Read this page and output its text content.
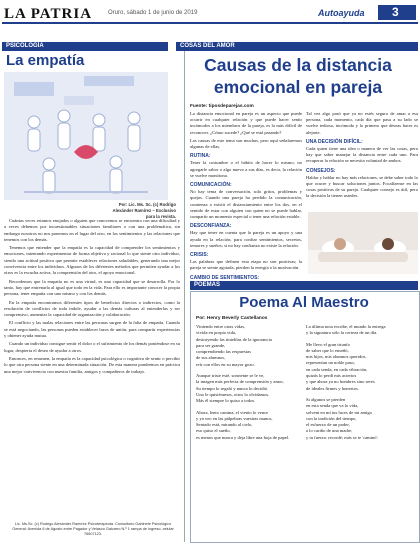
LA PATRIA	Oruro, sábado 1 de junio de 2019	Autoayuda 3
PSICOLOGÍA
La empatía
Por: Lic. Ms. Sc. (c) Rodrigo Alexánder Ramírez – Exclusivo para la revista.

Cuántas veces estamos enojados o alguien que conocemos se encuentra con una dificultad y a veces debemos por incuestionables situaciones familiares o con una problemática, sin embargo nosotros no nos ponemos en el lugar del otro, en los sentimientos y las relaciones que tenemos con los demás.

Tenemos que entender que la empatía es la capacidad de comprender los sentimientos y emociones, intentando experimentar de forma objetiva y racional lo que siente otro individuo, siendo una actitud positiva que permite establecer relaciones saludables, generando una mejor convivencia entre los individuos. Algunos de los diferentes métodos que permiten ayudar a los otros es la escucha activa, la comprensión del otro, el apoyo emocional.

Recordemos que la empatía no es una virtud, es una capacidad que se desarrolla. Por lo tanto, hay que entrenarla al igual que todo en la vida. Para ello es importante conocer la propia persona, tener empatía con uno mismo y con los demás.

En la empatía encontramos diferentes tipos de beneficios directos o indirectos, como la resolución de conflictos de toda índole, ayudar a las demás culturas al entenderlas y ser comprensivo, aumentar la capacidad de organización y colaboración.

El conflicto y las malas relaciones entre las personas surgen de la falta de empatía. Cuando se está negociando, las personas pueden establecer lazos de unión, para compartir experiencias y obtener ayuda mutua.

Cuando un individuo consigue sentir el dolor o el sufrimiento de los demás poniéndose en su lugar, despierta el deseo de ayudar a otros.

Entonces, en resumen, la empatía es la capacidad psicológica o cognitiva de sentir o percibir lo que otra persona siente en una determinada situación. De esta manera pondremos en práctica una mejor convivencia con nuestra familia, amigos y compañeros de trabajo.

Lic. Ms.Sc. (c) Rodrigo Alexánder Ramírez Psicoterapeuta. Consultorio Gabinete Psicológico General: Avenida 6 de Agosto entre Pagador y Velasco Galvarro N.º 1 rampa de ingreso, celular 76607123.
COSAS DEL AMOR
Causas de la distancia emocional en pareja
Fuente: tiposdeparejas.com

La distancia emocional en pareja es un aspecto que puede ocurrir en cualquier relación y que puede hacer sentir incómodos a los miembros de la pareja, es la más difícil de reconocer. ¿Cómo sucede? ¿Qué se está pasando?

Las causas de este tema son muchas, pero aquí señalaremos algunas de ellas.

RUTINA:

Tener la costumbre o el hábito de hacer lo mismo, no agregarle sabor o algo nuevo a sus días, es decir, la relación se vuelve monótona.

COMUNICACIÓN:

No hay tema de conversación, solo gritos, problemas y quejas. Cuando una pareja ha perdido la comunicación, comienza a existir el distanciamiento entre los dos, en el sentido de estar con alguien con quien no se puede hablar, compartir un momento especial o tener una relación estable.

DESCONFIANZA:

Hay que tener en cuenta que la pareja es un apoyo y una ayuda en la relación, para confiar sentimientos, secretos, temores y sueños; si no hay confianza no existe la relación.

CRISIS:

Las palabras que definen esta etapa no son positivas; la pareja se siente agotada, pierden la energía o la motivación.

CAMBIO DE SENTIMIENTOS:

Tal vez algo pasó que ya no estés seguro de amar a esa persona, cada momento, cada día que pasa a su lado se vuelve tedioso, incómodo y lo primero que deseas hacer es alejarte.

UNA DECISIÓN DIFÍCIL:

Cada quien tiene una idea o manera de ver las cosas, pero hay que saber manejar la distancia entre cada uno. Para recuperar la relación se necesita voluntad de ambos.

CONSEJOS:

Hablar y hablar no hay más relaciones, se debe saber todo lo que ocurre y buscar soluciones juntos. Focalízense en las cosas positivas de su pareja. Cualquier consejo es útil, pero la decisión la tienen ustedes.

POEMAS
Poema Al Maestro
Por: Henry Beverly Castellanos

Viniendo entre otras vidas,
vivida en propia vida,
destruyendo las tinieblas de la ignorancia
para ser grande,
comprendiendo las respuestas
de sus alumnos,
reír con ellos en su mayor gozo.

Aunque triste esté, sonriente se le ve,
la imagen más perfecta de comprensión y amor,
Su tiempo lo regaló y nunca lo decidió.
Uno le quisiéramos, otros lo olvidamos.
Más él siempre lo quiso a todos.

Ahora, lento camina, el viento lo vence
y ya veo en las pálpebras vuestras manos,
Sentado está, mirando al cielo,
eso quiso el sueño,
es menos que nunca y deja libre una hoja de papel.

La última nota escribe, el mundo la entrega
y la signatura sólo la certeza de un día.

Me llevo el gran triunfo
de saber que lo enseñó,
mis hijos, mis alumnos queridos,
representan un noble paso,
en cada senda, en cada vibración,
quizás lo perdí mis aciertos
y que ahora ya no hombres sino seres
de ideales firmes y honestos.

Si algunos se pierden
en esta senda que va lo vida,
solvent en mí tus luces de mi amigo
con la tradición del tiempo,
el esfuerzo de un poder,
a lo cariño de una madre,
y tu fuerza: recordé; más se te 'caminó'.
